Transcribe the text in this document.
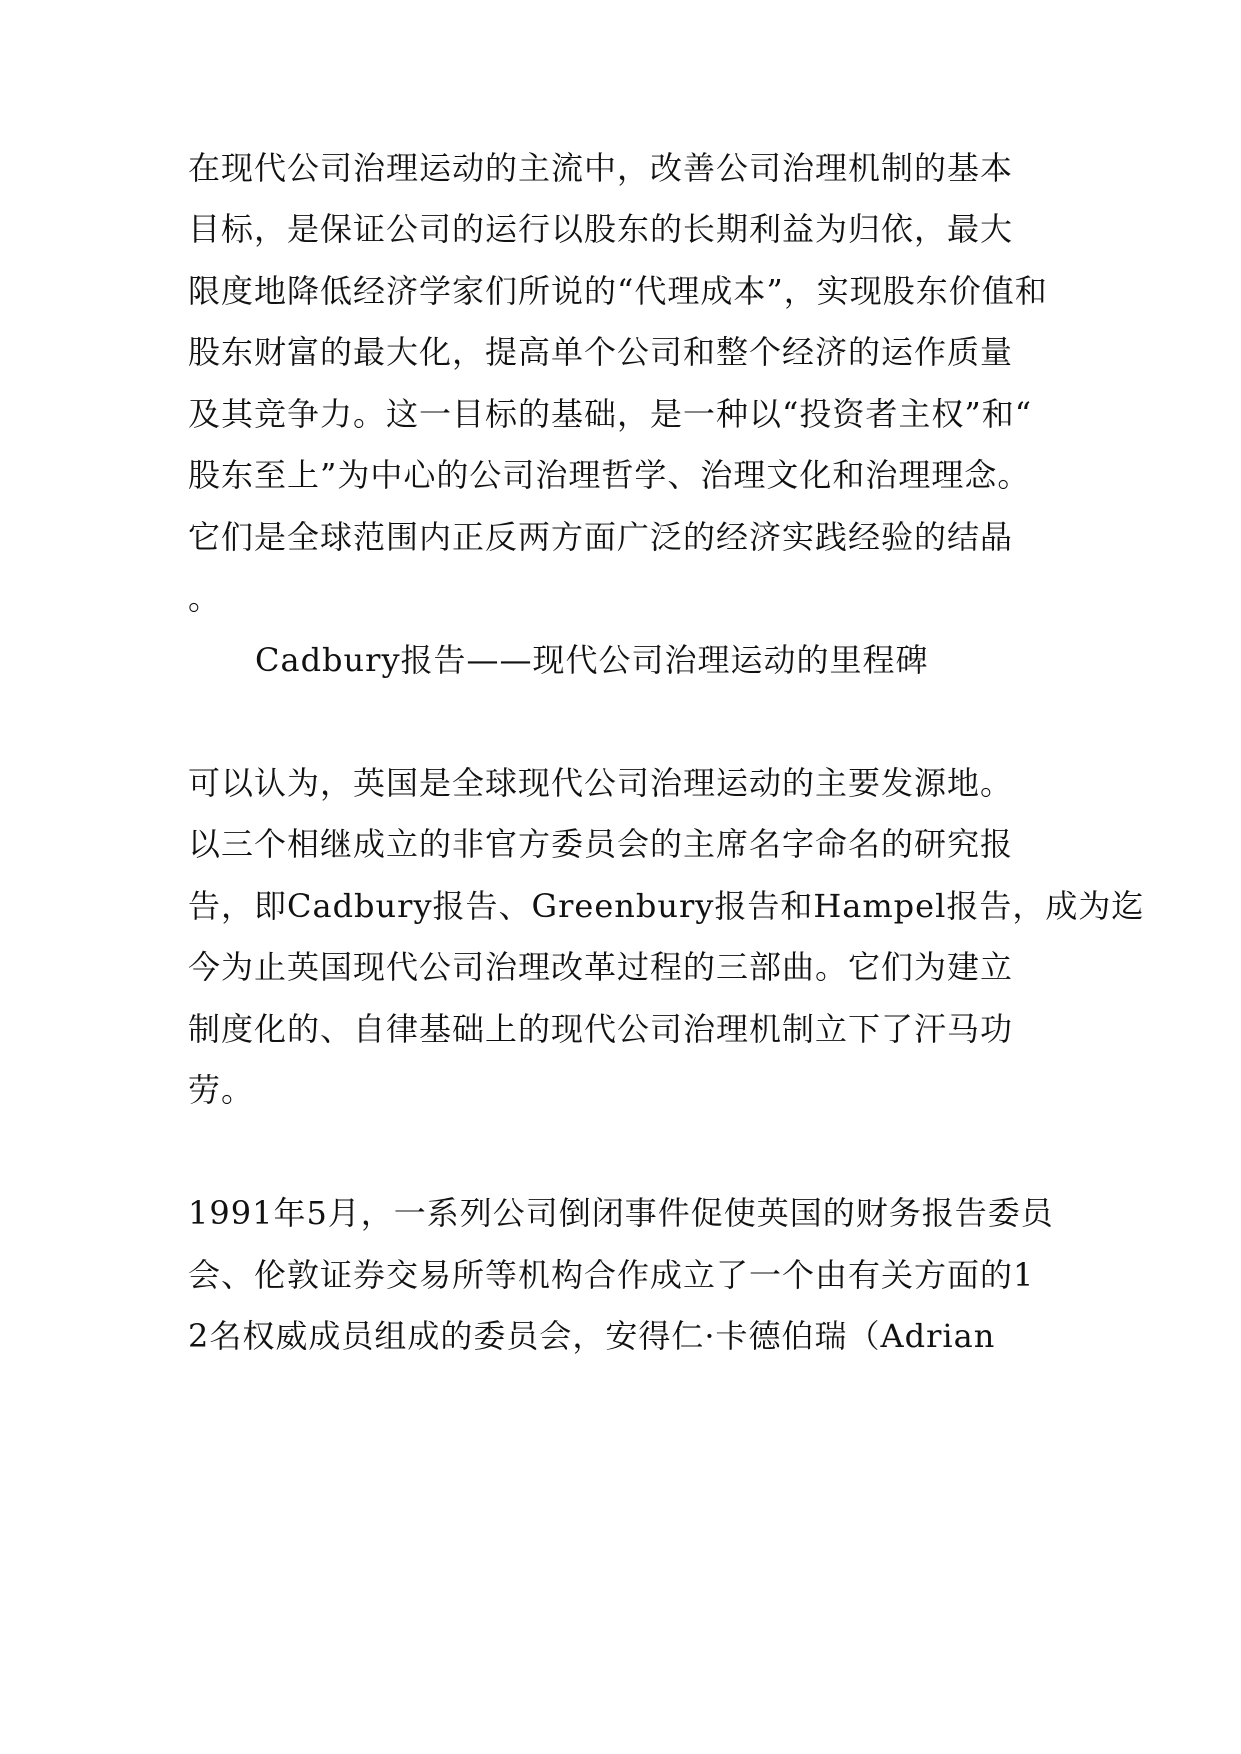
在现代公司治理运动的主流中，改善公司治理机制的基本
目标，是保证公司的运行以股东的长期利益为归依，最大
限度地降低经济学家们所说的“代理成本”，实现股东价值和
股东财富的最大化，提高单个公司和整个经济的运作质量
及其竞争力。这一目标的基础，是一种以“投资者主权”和“
股东至上”为中心的公司治理哲学、治理文化和治理理念。
它们是全球范围内正反两方面广泛的经济实践经验的结晶
。
Cadbury报告——现代公司治理运动的里程碑
可以认为，英国是全球现代公司治理运动的主要发源地。
以三个相继成立的非官方委员会的主席名字命名的研究报
告，即Cadbury报告、Greenbury报告和Hampel报告，成为迄
今为止英国现代公司治理改革过程的三部曲。它们为建立
制度化的、自律基础上的现代公司治理机制立下了汗马功
劳。
1991年5月，一系列公司倒闭事件促使英国的财务报告委员
会、伦敦证券交易所等机构合作成立了一个由有关方面的1
2名权威成员组成的委员会，安得仁·卡德伯瑞（Adrian
